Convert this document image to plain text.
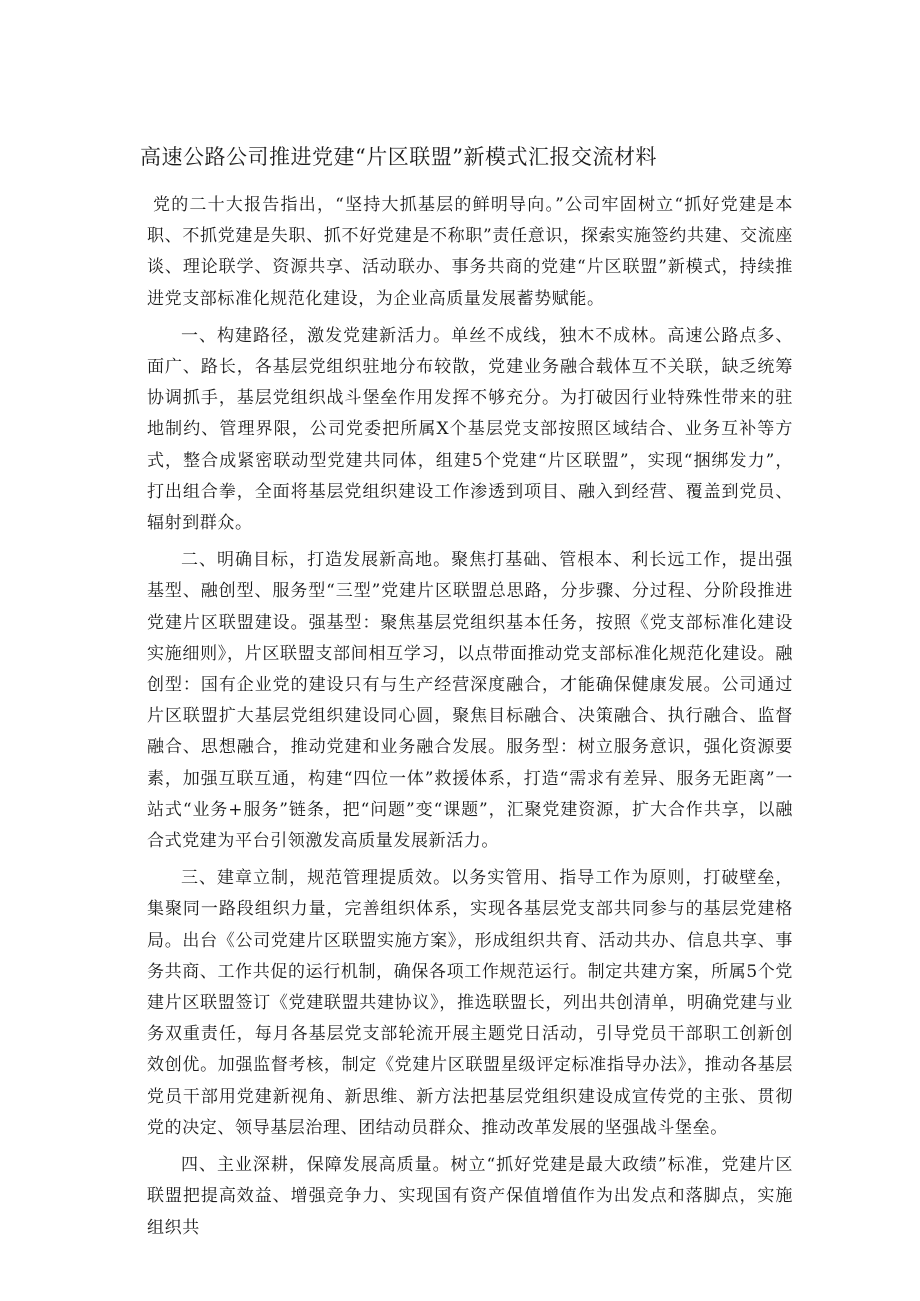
高速公路公司推进党建“片区联盟”新模式汇报交流材料

党的二十大报告指出，“坚持大抓基层的鲜明导向。”公司牢固树立“抓好党建是本职、不抓党建是失职、抓不好党建是不称职”责任意识，探索实施签约共建、交流座谈、理论联学、资源共享、活动联办、事务共商的党建“片区联盟”新模式，持续推进党支部标准化规范化建设，为企业高质量发展蓄势赋能。

一、构建路径，激发党建新活力。单丝不成线，独木不成林。高速公路点多、面广、路长，各基层党组织驻地分布较散，党建业务融合载体互不关联，缺乏统筹协调抓手，基层党组织战斗堡垒作用发挥不够充分。为打破因行业特殊性带来的驻地制约、管理界限，公司党委把所属X个基层党支部按照区域结合、业务互补等方式，整合成紧密联动型党建共同体，组建5个党建“片区联盟”，实现“捆绑发力”，打出组合拳，全面将基层党组织建设工作渗透到项目、融入到经营、覆盖到党员、辐射到群众。

二、明确目标，打造发展新高地。聚焦打基础、管根本、利长远工作，提出强基型、融创型、服务型“三型”党建片区联盟总思路，分步骤、分过程、分阶段推进党建片区联盟建设。强基型：聚焦基层党组织基本任务，按照《党支部标准化建设实施细则》，片区联盟支部间相互学习，以点带面推动党支部标准化规范化建设。融创型：国有企业党的建设只有与生产经营深度融合，才能确保健康发展。公司通过片区联盟扩大基层党组织建设同心圆，聚焦目标融合、决策融合、执行融合、监督融合、思想融合，推动党建和业务融合发展。服务型：树立服务意识，强化资源要素，加强互联互通，构建“四位一体”救援体系，打造“需求有差异、服务无距离”一站式“业务+服务”链条，把“问题”变“课题”，汇聚党建资源，扩大合作共享，以融合式党建为平台引领激发高质量发展新活力。

三、建章立制，规范管理提质效。以务实管用、指导工作为原则，打破壁垒，集聚同一路段组织力量，完善组织体系，实现各基层党支部共同参与的基层党建格局。出台《公司党建片区联盟实施方案》，形成组织共育、活动共办、信息共享、事务共商、工作共促的运行机制，确保各项工作规范运行。制定共建方案，所属5个党建片区联盟签订《党建联盟共建协议》，推选联盟长，列出共创清单，明确党建与业务双重责任，每月各基层党支部轮流开展主题党日活动，引导党员干部职工创新创效创优。加强监督考核，制定《党建片区联盟星级评定标准指导办法》，推动各基层党员干部用党建新视角、新思维、新方法把基层党组织建设成宣传党的主张、贯彻党的决定、领导基层治理、团结动员群众、推动改革发展的坚强战斗堡垒。

四、主业深耕，保障发展高质量。树立“抓好党建是最大政绩”标准，党建片区联盟把提高效益、增强竞争力、实现国有资产保值增值作为出发点和落脚点，实施组织共
